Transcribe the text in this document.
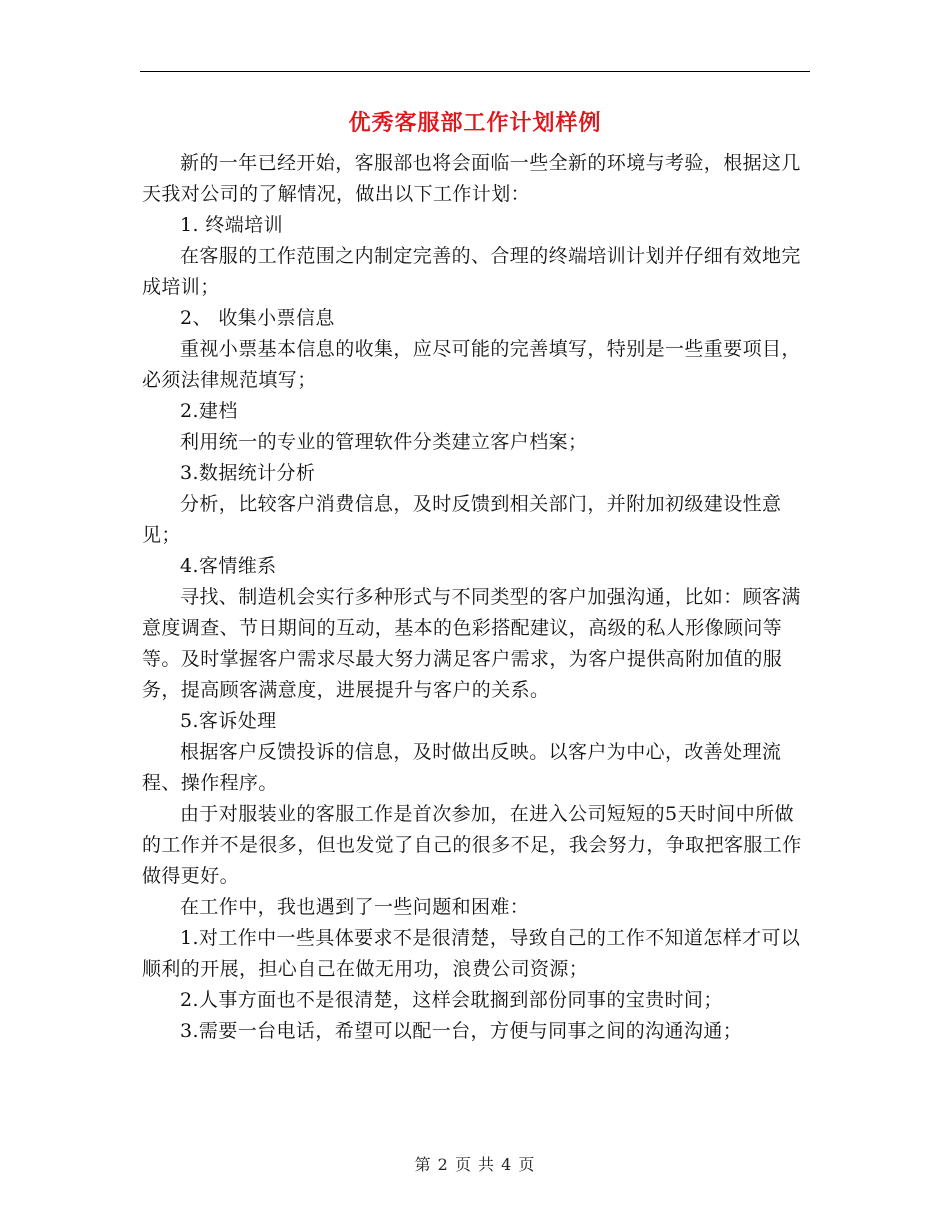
优秀客服部工作计划样例

新的一年已经开始，客服部也将会面临一些全新的环境与考验，根据这几天我对公司的了解情况，做出以下工作计划：

1. 终端培训

在客服的工作范围之内制定完善的、合理的终端培训计划并仔细有效地完成培训；

2、 收集小票信息

重视小票基本信息的收集，应尽可能的完善填写，特别是一些重要项目，必须法律规范填写；

2.建档

利用统一的专业的管理软件分类建立客户档案；

3.数据统计分析

分析，比较客户消费信息，及时反馈到相关部门，并附加初级建设性意见；

4.客情维系

寻找、制造机会实行多种形式与不同类型的客户加强沟通，比如：顾客满意度调查、节日期间的互动，基本的色彩搭配建议，高级的私人形像顾问等等。及时掌握客户需求尽最大努力满足客户需求，为客户提供高附加值的服务，提高顾客满意度，进展提升与客户的关系。

5.客诉处理

根据客户反馈投诉的信息，及时做出反映。以客户为中心，改善处理流程、操作程序。

由于对服装业的客服工作是首次参加，在进入公司短短的5天时间中所做的工作并不是很多，但也发觉了自己的很多不足，我会努力，争取把客服工作做得更好。

在工作中，我也遇到了一些问题和困难：

1.对工作中一些具体要求不是很清楚，导致自己的工作不知道怎样才可以顺利的开展，担心自己在做无用功，浪费公司资源；

2.人事方面也不是很清楚，这样会耽搁到部份同事的宝贵时间；

3.需要一台电话，希望可以配一台，方便与同事之间的沟通沟通；

第 2 页 共 4 页
